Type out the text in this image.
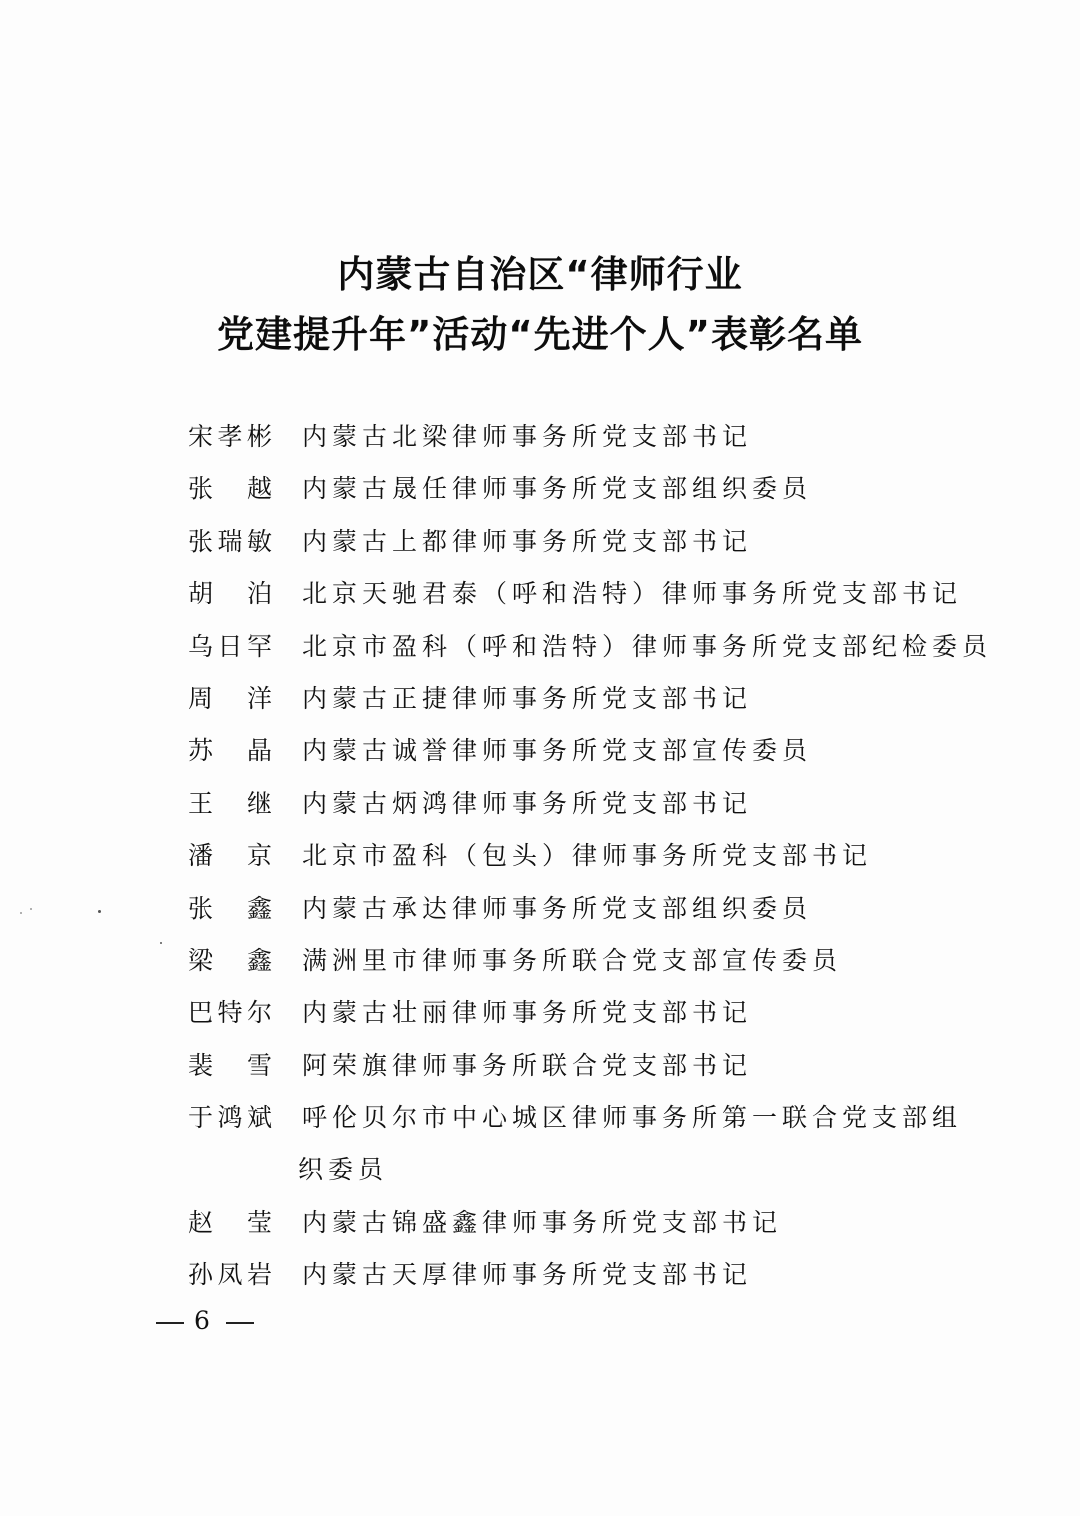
内蒙古自治区“律师行业
党建提升年”活动“先进个人”表彰名单
宋 孝 彬 内蒙古北梁律师事务所党支部书记
张 越 内蒙古晟任律师事务所党支部组织委员
张 瑞 敏 内蒙古上都律师事务所党支部书记
胡 泊 北京天驰君泰（呼和浩特）律师事务所党支部书记
乌 日 罕 北京市盈科（呼和浩特）律师事务所党支部纪检委员
周 洋 内蒙古正捷律师事务所党支部书记
苏 晶 内蒙古诚誉律师事务所党支部宣传委员
王 继 内蒙古炳鸿律师事务所党支部书记
潘 京 北京市盈科（包头）律师事务所党支部书记
张 鑫 内蒙古承达律师事务所党支部组织委员
梁 鑫 满洲里市律师事务所联合党支部宣传委员
巴 特 尔 内蒙古壮丽律师事务所党支部书记
裴 雪 阿荣旗律师事务所联合党支部书记
于 鸿 斌 呼伦贝尔市中心城区律师事务所第一联合党支部组
织委员
赵 莹 内蒙古锦盛鑫律师事务所党支部书记
孙 凤 岩 内蒙古天厚律师事务所党支部书记
6
